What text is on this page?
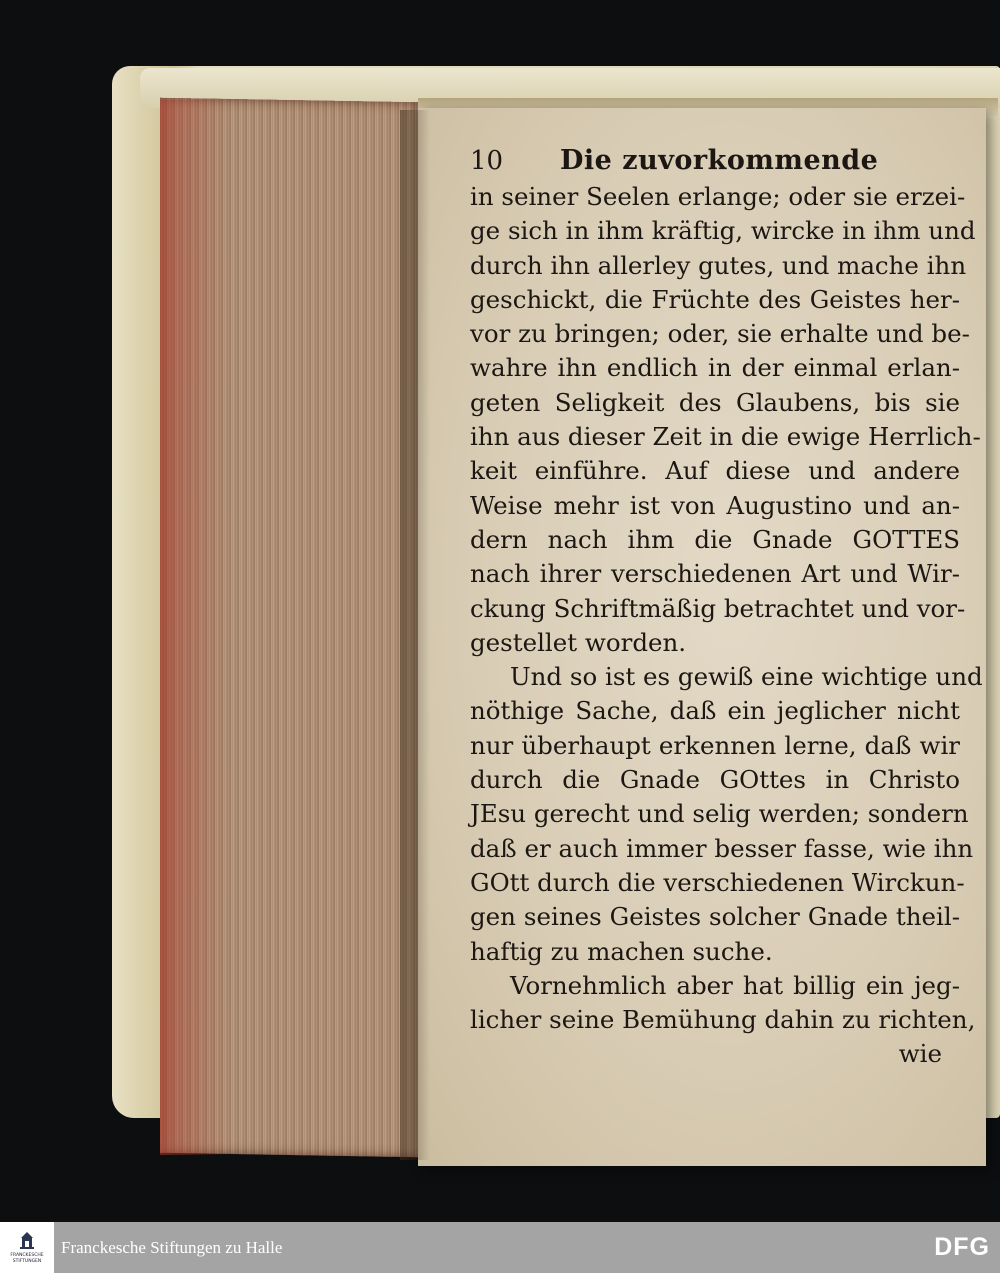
10	Die zuvorkommende
in seiner Seelen erlange; oder sie erzei-
ge sich in ihm kräftig, wircke in ihm und
durch ihn allerley gutes, und mache ihn
geschickt, die Früchte des Geistes her-
vor zu bringen; oder, sie erhalte und be-
wahre ihn endlich in der einmal erlan-
geten Seligkeit des Glaubens, bis sie
ihn aus dieser Zeit in die ewige Herrlich-
keit einführe. Auf diese und andere
Weise mehr ist von Augustino und an-
dern nach ihm die Gnade GOTTES
nach ihrer verschiedenen Art und Wir-
ckung Schriftmäßig betrachtet und vor-
gestellet worden.
Und so ist es gewiß eine wichtige und
nöthige Sache, daß ein jeglicher nicht
nur überhaupt erkennen lerne, daß wir
durch die Gnade GOttes in Christo
JEsu gerecht und selig werden; sondern
daß er auch immer besser fasse, wie ihn
GOtt durch die verschiedenen Wirckun-
gen seines Geistes solcher Gnade theil-
haftig zu machen suche.
Vornehmlich aber hat billig ein jeg-
licher seine Bemühung dahin zu richten,
wie
FRANCKESCHE
STIFTUNGEN
Franckesche Stiftungen zu Halle	DFG
